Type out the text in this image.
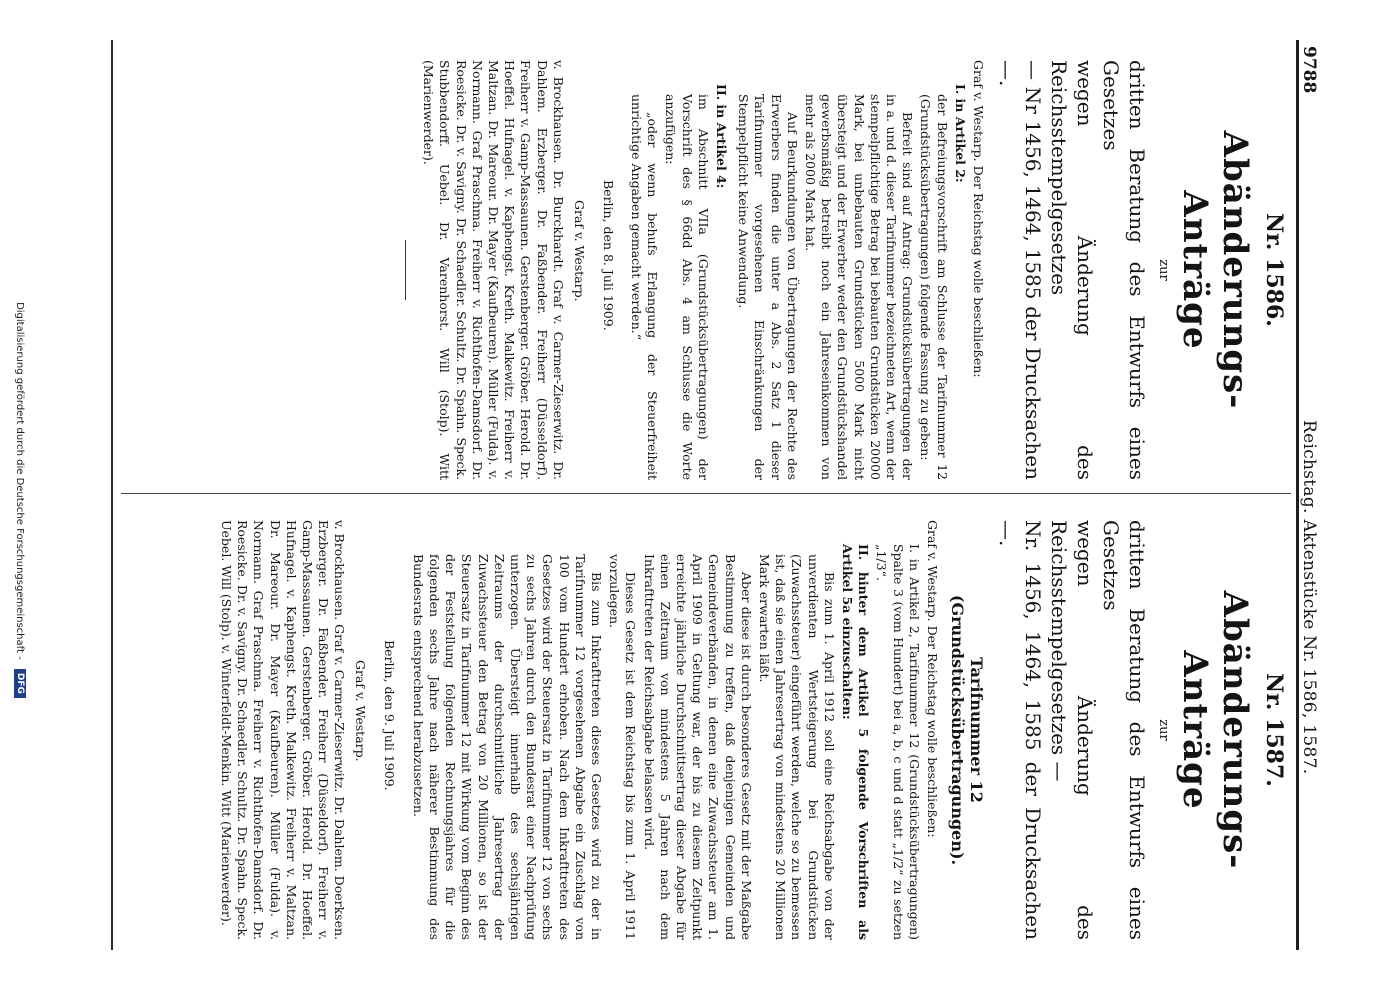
9788
Reichstag. Aktenstücke Nr. 1586, 1587.
Nr. 1586.
Abänderungs-Anträge
zur
dritten Beratung des Entwurfs eines Gesetzes
wegen Änderung des Reichsstempelgesetzes
— Nr 1456, 1464, 1585 der Drucksachen —.
Graf v. Westarp. Der Reichstag wolle beschließen:
I. in Artikel 2:
der Befreiungsvorschrift am Schlusse der Tarifnummer 12 (Grundstücksübertragungen) folgende Fassung zu geben:
Befreit sind auf Antrag: Grundstücksübertragungen der in a. und d. dieser Tarifnummer bezeichneten Art, wenn der stempelpflichtige Betrag bei bebauten Grundstücken 20000 Mark, bei unbebauten Grundstücken 5000 Mark nicht übersteigt und der Erwerber weder den Grundstückshandel gewerbsmäßig betreibt noch ein Jahreseinkommen von mehr als 2000 Mark hat.
Auf Beurkundungen von Übertragungen der Rechte des Erwerbers finden die unter a Abs. 2 Satz 1 dieser Tarifnummer vorgesehenen Einschränkungen der Stempelpflicht keine Anwendung.
II. in Artikel 4:
im Abschnitt VIIa (Grundstücksübertragungen) der Vorschrift des § 66dd Abs. 4 am Schlusse die Worte anzufügen:
„oder wenn behufs Erlangung der Steuerfreiheit unrichtige Angaben gemacht werden.“
Berlin, den 8. Juli 1909.
Graf v. Westarp.
v. Brockhausen. Dr. Burckhardt. Graf v. Carmer-Zieserwitz. Dr. Dahlem. Erzberger. Dr. Faßbender. Freiherr (Düsseldorf). Freiherr v. Gamp-Massaunen. Gerstenberger. Gröber. Herold. Dr. Hoeffel. Hufnagel. v. Kaphengst. Kreth. Malkewitz. Freiherr v. Maltzan. Dr. Mareour. Dr. Mayer (Kaufbeuren). Müller (Fulda). v. Normann. Graf Praschma. Freiherr v. Richthofen-Damsdorf. Dr. Roesicke. Dr. v. Savigny. Dr. Schaedler. Schultz. Dr. Spahn. Speck. Stubbendorff. Uebel. Dr. Varenhorst. Will (Stolp). Witt (Marienwerder).
Nr. 1587.
Abänderungs-Anträge
zur
dritten Beratung des Entwurfs eines Gesetzes
wegen Änderung des Reichsstempelgesetzes —
Nr. 1456, 1464, 1585 der Drucksachen —.
Tarifnummer 12 (Grundstücksübertragungen).
Graf v. Westarp. Der Reichstag wolle beschließen:
I. in Artikel 2, Tarifnummer 12 (Grundstücksübertragungen) Spalte 3 (vom Hundert) bei a, b, c und d statt „1/2“ zu setzen „1/3“.
II. hinter dem Artikel 5 folgende Vorschriften als Artikel 5a einzuschalten:
Bis zum 1. April 1912 soll eine Reichsabgabe von der unverdienten Wertsteigerung bei Grundstücken (Zuwachssteuer) eingeführt werden, welche so zu bemessen ist, daß sie einen Jahresertrag von mindestens 20 Millionen Mark erwarten läßt.
Aber diese ist durch besonderes Gesetz mit der Maßgabe Bestimmung zu treffen, daß denjenigen Gemeinden und Gemeindeverbänden, in denen eine Zuwachssteuer am 1. April 1909 in Geltung war, der bis zu diesem Zeitpunkt erreichte jährliche Durchschnittsertrag dieser Abgabe für einen Zeitraum von mindestens 5 Jahren nach dem Inkrafttreten der Reichsabgabe belassen wird.
Dieses Gesetz ist dem Reichstag bis zum 1. April 1911 vorzulegen.
Bis zum Inkrafttreten dieses Gesetzes wird zu der in Tarifnummer 12 vorgesehenen Abgabe ein Zuschlag von 100 vom Hundert erhoben. Nach dem Inkrafttreten des Gesetzes wird der Steuersatz in Tarifnummer 12 von sechs zu sechs Jahren durch den Bundesrat einer Nachprüfung unterzogen. Übersteigt innerhalb des sechsjährigen Zeitraums der durchschnittliche Jahresertrag der Zuwachssteuer den Betrag von 20 Millionen, so ist der Steuersatz in Tarifnummer 12 mit Wirkung vom Beginn des der Feststellung folgenden Rechnungsjahres für die folgenden sechs Jahre nach näherer Bestimmung des Bundesrats entsprechend herabzusetzen.
Berlin, den 9. Juli 1909.
Graf v. Westarp.
v. Brockhausen. Graf v. Carmer-Zieserwitz. Dr. Dahlem. Doerksen. Erzberger. Dr. Faßbender. Freiherr (Düsseldorf). Freiherr v. Gamp-Massaunen. Gerstenberger. Gröber. Herold. Dr. Hoeffel. Hufnagel. v. Kaphengst. Kreth. Malkewitz. Freiherr v. Maltzan. Dr. Mareour. Dr. Mayer (Kaufbeuren). Müller (Fulda). v. Normann. Graf Praschma. Freiherr v. Richthofen-Damsdorf. Dr. Roesicke. Dr. v. Savigny. Dr. Schaedler. Schultz. Dr. Spahn. Speck. Uebel. Will (Stolp). v. Winterfeldt-Menkin. Witt (Marienwerder).
Digitalisierung gefördert durch die Deutsche Forschungsgemeinschaft - DFG
